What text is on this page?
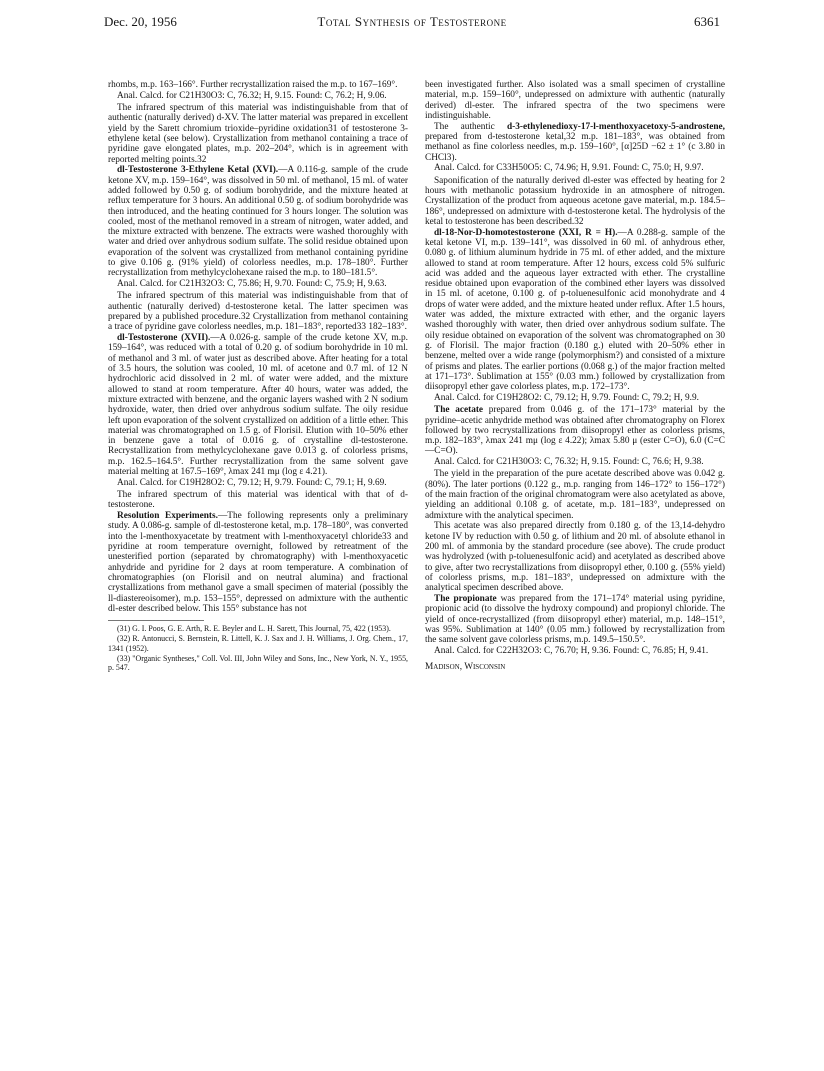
Dec. 20, 1956	Total Synthesis of Testosterone	6361

rhombs, m.p. 163–166°. Further recrystallization raised the m.p. to 167–169°.

Anal. Calcd. for C21H30O3: C, 76.32; H, 9.15. Found: C, 76.2; H, 9.06.

The infrared spectrum of this material was indistinguishable from that of authentic (naturally derived) d-XV. The latter material was prepared in excellent yield by the Sarett chromium trioxide–pyridine oxidation31 of testosterone 3-ethylene ketal (see below). Crystallization from methanol containing a trace of pyridine gave elongated plates, m.p. 202–204°, which is in agreement with reported melting points.32

dl-Testosterone 3-Ethylene Ketal (XVI).—A 0.116-g. sample of the crude ketone XV, m.p. 159–164°, was dissolved in 50 ml. of methanol, 15 ml. of water added followed by 0.50 g. of sodium borohydride, and the mixture heated at reflux temperature for 3 hours. An additional 0.50 g. of sodium borohydride was then introduced, and the heating continued for 3 hours longer. The solution was cooled, most of the methanol removed in a stream of nitrogen, water added, and the mixture extracted with benzene. The extracts were washed thoroughly with water and dried over anhydrous sodium sulfate. The solid residue obtained upon evaporation of the solvent was crystallized from methanol containing pyridine to give 0.106 g. (91% yield) of colorless needles, m.p. 178–180°. Further recrystallization from methylcyclohexane raised the m.p. to 180–181.5°.

Anal. Calcd. for C21H32O3: C, 75.86; H, 9.70. Found: C, 75.9; H, 9.63.

The infrared spectrum of this material was indistinguishable from that of authentic (naturally derived) d-testosterone ketal. The latter specimen was prepared by a published procedure.32 Crystallization from methanol containing a trace of pyridine gave colorless needles, m.p. 181–183°, reported33 182–183°.

dl-Testosterone (XVII).—A 0.026-g. sample of the crude ketone XV, m.p. 159–164°, was reduced with a total of 0.20 g. of sodium borohydride in 10 ml. of methanol and 3 ml. of water just as described above. After heating for a total of 3.5 hours, the solution was cooled, 10 ml. of acetone and 0.7 ml. of 12 N hydrochloric acid dissolved in 2 ml. of water were added, and the mixture allowed to stand at room temperature. After 40 hours, water was added, the mixture extracted with benzene, and the organic layers washed with 2 N sodium hydroxide, water, then dried over anhydrous sodium sulfate. The oily residue left upon evaporation of the solvent crystallized on addition of a little ether. This material was chromatographed on 1.5 g. of Florisil. Elution with 10–50% ether in benzene gave a total of 0.016 g. of crystalline dl-testosterone. Recrystallization from methylcyclohexane gave 0.013 g. of colorless prisms, m.p. 162.5–164.5°. Further recrystallization from the same solvent gave material melting at 167.5–169°, λmax 241 mμ (log ε 4.21).

Anal. Calcd. for C19H28O2: C, 79.12; H, 9.79. Found: C, 79.1; H, 9.69.

The infrared spectrum of this material was identical with that of d-testosterone.

Resolution Experiments.—The following represents only a preliminary study. A 0.086-g. sample of dl-testosterone ketal, m.p. 178–180°, was converted into the l-menthoxyacetate by treatment with l-menthoxyacetyl chloride33 and pyridine at room temperature overnight, followed by retreatment of the unesterified portion (separated by chromatography) with l-menthoxyacetic anhydride and pyridine for 2 days at room temperature. A combination of chromatographies (on Florisil and on neutral alumina) and fractional crystallizations from methanol gave a small specimen of material (possibly the ll-diastereoisomer), m.p. 153–155°, depressed on admixture with the authentic dl-ester described below. This 155° substance has not

(31) G. I. Poos, G. E. Arth, R. E. Beyler and L. H. Sarett, This Journal, 75, 422 (1953).

(32) R. Antonucci, S. Bernstein, R. Littell, K. J. Sax and J. H. Williams, J. Org. Chem., 17, 1341 (1952).

(33) "Organic Syntheses," Coll. Vol. III, John Wiley and Sons, Inc., New York, N. Y., 1955, p. 547.

been investigated further. Also isolated was a small specimen of crystalline material, m.p. 159–160°, undepressed on admixture with authentic (naturally derived) dl-ester. The infrared spectra of the two specimens were indistinguishable.

The authentic d-3-ethylenedioxy-17-l-menthoxyacetoxy-5-androstene, prepared from d-testosterone ketal,32 m.p. 181–183°, was obtained from methanol as fine colorless needles, m.p. 159–160°, [α]25D −62 ± 1° (c 3.80 in CHCl3).

Anal. Calcd. for C33H50O5: C, 74.96; H, 9.91. Found: C, 75.0; H, 9.97.

Saponification of the naturally derived dl-ester was effected by heating for 2 hours with methanolic potassium hydroxide in an atmosphere of nitrogen. Crystallization of the product from aqueous acetone gave material, m.p. 184.5–186°, undepressed on admixture with d-testosterone ketal. The hydrolysis of the ketal to testosterone has been described.32

dl-18-Nor-D-homotestosterone (XXI, R = H).—A 0.288-g. sample of the ketal ketone VI, m.p. 139–141°, was dissolved in 60 ml. of anhydrous ether, 0.080 g. of lithium aluminum hydride in 75 ml. of ether added, and the mixture allowed to stand at room temperature. After 12 hours, excess cold 5% sulfuric acid was added and the aqueous layer extracted with ether. The crystalline residue obtained upon evaporation of the combined ether layers was dissolved in 15 ml. of acetone, 0.100 g. of p-toluenesulfonic acid monohydrate and 4 drops of water were added, and the mixture heated under reflux. After 1.5 hours, water was added, the mixture extracted with ether, and the organic layers washed thoroughly with water, then dried over anhydrous sodium sulfate. The oily residue obtained on evaporation of the solvent was chromatographed on 30 g. of Florisil. The major fraction (0.180 g.) eluted with 20–50% ether in benzene, melted over a wide range (polymorphism?) and consisted of a mixture of prisms and plates. The earlier portions (0.068 g.) of the major fraction melted at 171–173°. Sublimation at 155° (0.03 mm.) followed by crystallization from diisopropyl ether gave colorless plates, m.p. 172–173°.

Anal. Calcd. for C19H28O2: C, 79.12; H, 9.79. Found: C, 79.2; H, 9.9.

The acetate prepared from 0.046 g. of the 171–173° material by the pyridine–acetic anhydride method was obtained after chromatography on Florex followed by two recrystallizations from diisopropyl ether as colorless prisms, m.p. 182–183°, λmax 241 mμ (log ε 4.22); λmax 5.80 μ (ester C=O), 6.0 (C=C—C=O).

Anal. Calcd. for C21H30O3: C, 76.32; H, 9.15. Found: C, 76.6; H, 9.38.

The yield in the preparation of the pure acetate described above was 0.042 g. (80%). The later portions (0.122 g., m.p. ranging from 146–172° to 156–172°) of the main fraction of the original chromatogram were also acetylated as above, yielding an additional 0.108 g. of acetate, m.p. 181–183°, undepressed on admixture with the analytical specimen.

This acetate was also prepared directly from 0.180 g. of the 13,14-dehydro ketone IV by reduction with 0.50 g. of lithium and 20 ml. of absolute ethanol in 200 ml. of ammonia by the standard procedure (see above). The crude product was hydrolyzed (with p-toluenesulfonic acid) and acetylated as described above to give, after two recrystallizations from diisopropyl ether, 0.100 g. (55% yield) of colorless prisms, m.p. 181–183°, undepressed on admixture with the analytical specimen described above.

The propionate was prepared from the 171–174° material using pyridine, propionic acid (to dissolve the hydroxy compound) and propionyl chloride. The yield of once-recrystallized (from diisopropyl ether) material, m.p. 148–151°, was 95%. Sublimation at 140° (0.05 mm.) followed by recrystallization from the same solvent gave colorless prisms, m.p. 149.5–150.5°.

Anal. Calcd. for C22H32O3: C, 76.70; H, 9.36. Found: C, 76.85; H, 9.41.

Madison, Wisconsin
